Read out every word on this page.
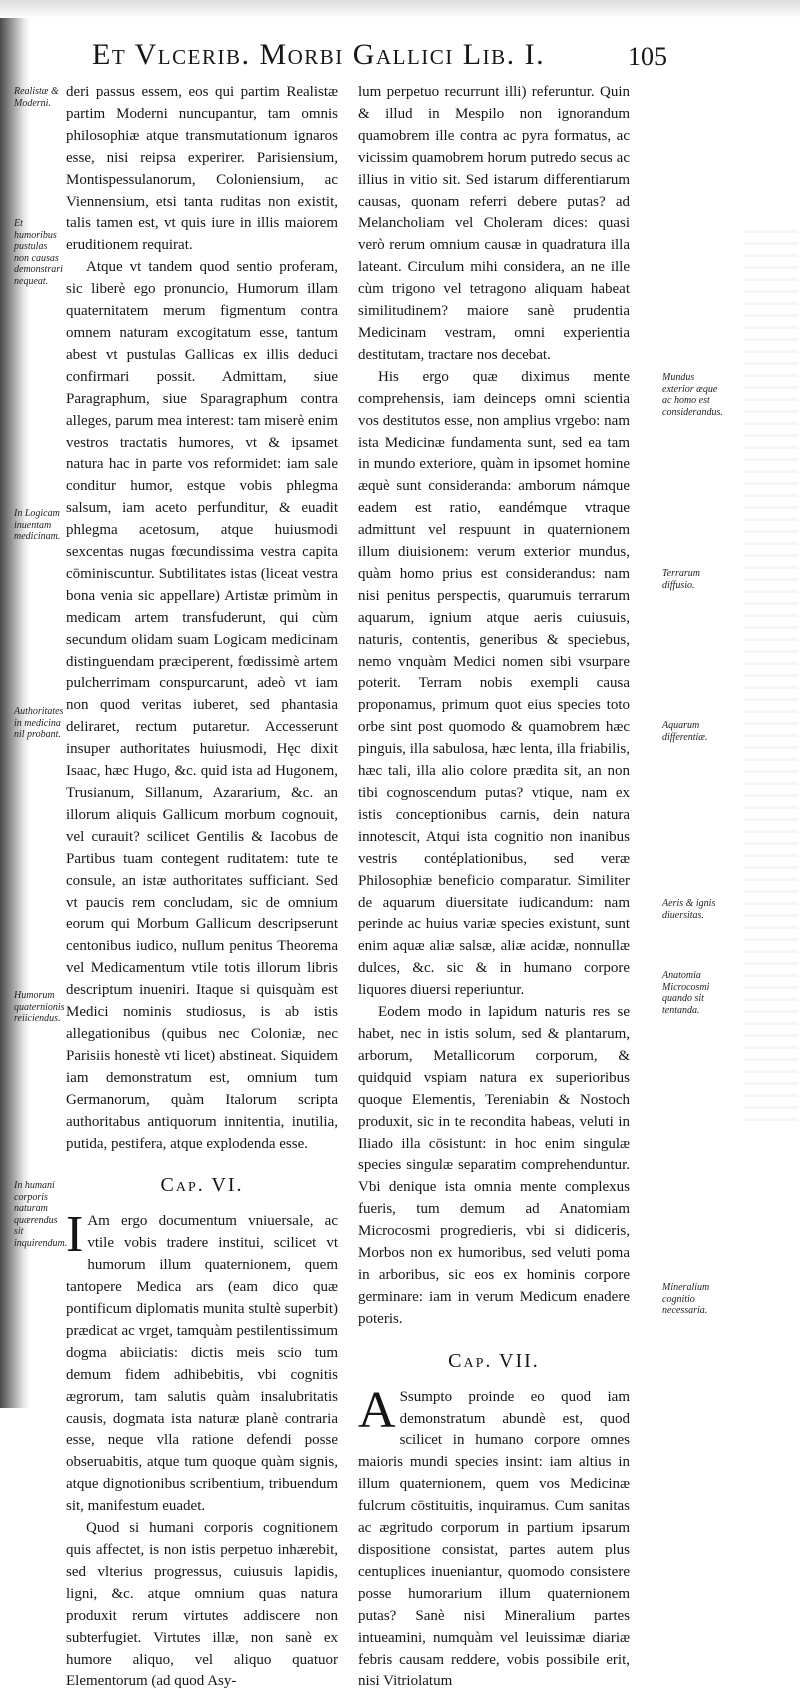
Et Vlcerib. Morbi Gallici Lib. I.	105

deri passus essem, eos qui partim Realistæ partim Moderni nuncupantur, tam omnis philosophiæ atque transmutationum ignaros esse, nisi reipsa experirer. Parisiensium, Montispessulanorum, Coloniensium, ac Viennensium, etsi tanta ruditas non existit, talis tamen est, vt quis iure in illis maiorem eruditionem requirat.

Atque vt tandem quod sentio proferam, sic liberè ego pronuncio, Humorum illam quaternitatem merum figmentum contra omnem naturam excogitatum esse, tantum abest vt pustulas Gallicas ex illis deduci confirmari possit. Admittam, siue Paragraphum, siue Sparagraphum contra alleges, parum mea interest: tam miserè enim vestros tractatis humores, vt & ipsamet natura hac in parte vos reformidet: iam sale conditur humor, estque vobis phlegma salsum, iam aceto perfunditur, & euadit phlegma acetosum, atque huiusmodi sexcentas nugas fœcundissima vestra capita cōminiscuntur. Subtilitates istas (liceat vestra bona venia sic appellare) Artistæ primùm in medicam artem transfuderunt, qui cùm secundum olidam suam Logicam medicinam distinguendam præciperent, fœdissimè artem pulcherrimam conspurcarunt, adeò vt iam non quod veritas iuberet, sed phantasia deliraret, rectum putaretur. Accesserunt insuper authoritates huiusmodi, Hęc dixit Isaac, hæc Hugo, &c. quid ista ad Hugonem, Trusianum, Sillanum, Azararium, &c. an illorum aliquis Gallicum morbum cognouit, vel curauit? scilicet Gentilis & Iacobus de Partibus tuam contegent ruditatem: tute te consule, an istæ authoritates sufficiant. Sed vt paucis rem concludam, sic de omnium eorum qui Morbum Gallicum descripserunt centonibus iudico, nullum penitus Theorema vel Medicamentum vtile totis illorum libris descriptum inueniri. Itaque si quisquàm est Medici nominis studiosus, is ab istis allegationibus (quibus nec Coloniæ, nec Parisiis honestè vti licet) abstineat. Siquidem iam demonstratum est, omnium tum Germanorum, quàm Italorum scripta authoritabus antiquorum innitentia, inutilia, putida, pestifera, atque explodenda esse.

Cap. VI.

I Am ergo documentum vniuersale, ac vtile vobis tradere institui, scilicet vt humorum illum quaternionem, quem tantopere Medica ars (eam dico quæ pontificum diplomatis munita stultè superbit) prædicat ac vrget, tamquàm pestilentissimum dogma abiiciatis: dictis meis scio tum demum fidem adhibebitis, vbi cognitis ægrorum, tam salutis quàm insalubritatis causis, dogmata ista naturæ planè contraria esse, neque vlla ratione defendi posse obseruabitis, atque tum quoque quàm signis, atque dignotionibus scribentium, tribuendum sit, manifestum euadet.

Quod si humani corporis cognitionem quis affectet, is non istis perpetuo inhærebit, sed vlterius progressus, cuiusuis lapidis, ligni, &c. atque omnium quas natura produxit rerum virtutes addiscere non subterfugiet. Virtutes illæ, non sanè ex humore aliquo, vel aliquo quatuor Elementorum (ad quod Asy-

lum perpetuo recurrunt illi) referuntur. Quin & illud in Mespilo non ignorandum quamobrem ille contra ac pyra formatus, ac vicissim quamobrem horum putredo secus ac illius in vitio sit. Sed istarum differentiarum causas, quonam referri debere putas? ad Melancholiam vel Choleram dices: quasi verò rerum omnium causæ in quadratura illa lateant. Circulum mihi considera, an ne ille cùm trigono vel tetragono aliquam habeat similitudinem? maiore sanè prudentia Medicinam vestram, omni experientia destitutam, tractare nos decebat.

His ergo quæ diximus mente comprehensis, iam deinceps omni scientia vos destitutos esse, non amplius vrgebo: nam ista Medicinæ fundamenta sunt, sed ea tam in mundo exteriore, quàm in ipsomet homine æquè sunt consideranda: amborum námque eadem est ratio, eandémque vtraque admittunt vel respuunt in quaternionem illum diuisionem: verum exterior mundus, quàm homo prius est considerandus: nam nisi penitus perspectis, quarumuis terrarum aquarum, ignium atque aeris cuiusuis, naturis, contentis, generibus & speciebus, nemo vnquàm Medici nomen sibi vsurpare poterit. Terram nobis exempli causa proponamus, primum quot eius species toto orbe sint post quomodo & quamobrem hæc pinguis, illa sabulosa, hæc lenta, illa friabilis, hæc tali, illa alio colore prædita sit, an non tibi cognoscendum putas? vtique, nam ex istis conceptionibus carnis, dein natura innotescit, Atqui ista cognitio non inanibus vestris contéplationibus, sed veræ Philosophiæ beneficio comparatur. Similiter de aquarum diuersitate iudicandum: nam perinde ac huius variæ species existunt, sunt enim aquæ aliæ salsæ, aliæ acidæ, nonnullæ dulces, &c. sic & in humano corpore liquores diuersi reperiuntur.

Eodem modo in lapidum naturis res se habet, nec in istis solum, sed & plantarum, arborum, Metallicorum corporum, & quidquid vspiam natura ex superioribus quoque Elementis, Tereniabin & Nostoch produxit, sic in te recondita habeas, veluti in Iliado illa cōsistunt: in hoc enim singulæ species singulæ separatim comprehenduntur. Vbi denique ista omnia mente complexus fueris, tum demum ad Anatomiam Microcosmi progredieris, vbi si didiceris, Morbos non ex humoribus, sed veluti poma in arboribus, sic eos ex hominis corpore germinare: iam in verum Medicum enadere poteris.

Cap. VII.

A Ssumpto proinde eo quod iam demonstratum abundè est, quod scilicet in humano corpore omnes maioris mundi species insint: iam altius in illum quaternionem, quem vos Medicinæ fulcrum cōstituitis, inquiramus. Cum sanitas ac ægritudo corporum in partium ipsarum dispositione consistat, partes autem plus centuplices inueniantur, quomodo consistere posse humorarium illum quaternionem putas? Sanè nisi Mineralium partes intueamini, numquàm vel leuissimæ diariæ febris causam reddere, vobis possibile erit, nisi Vitriolatum

Realistæ & Moderni.
Et humoribus pustulas non causas demonstrari nequeat.
In Logicam inuentam medicinam.
Authoritates in medicina nil probant.
Humorum quaternionis reiiciendus.
In humani corporis naturam quærendus sit inquirendum.
Mundus exterior æque ac homo est considerandus.
Terrarum diffusio.
Aquarum differentiæ.
Aeris & ignis diuersitas.
Anatomia Microcosmi quando sit tentanda.
Mineralium cognitio necessaria.
